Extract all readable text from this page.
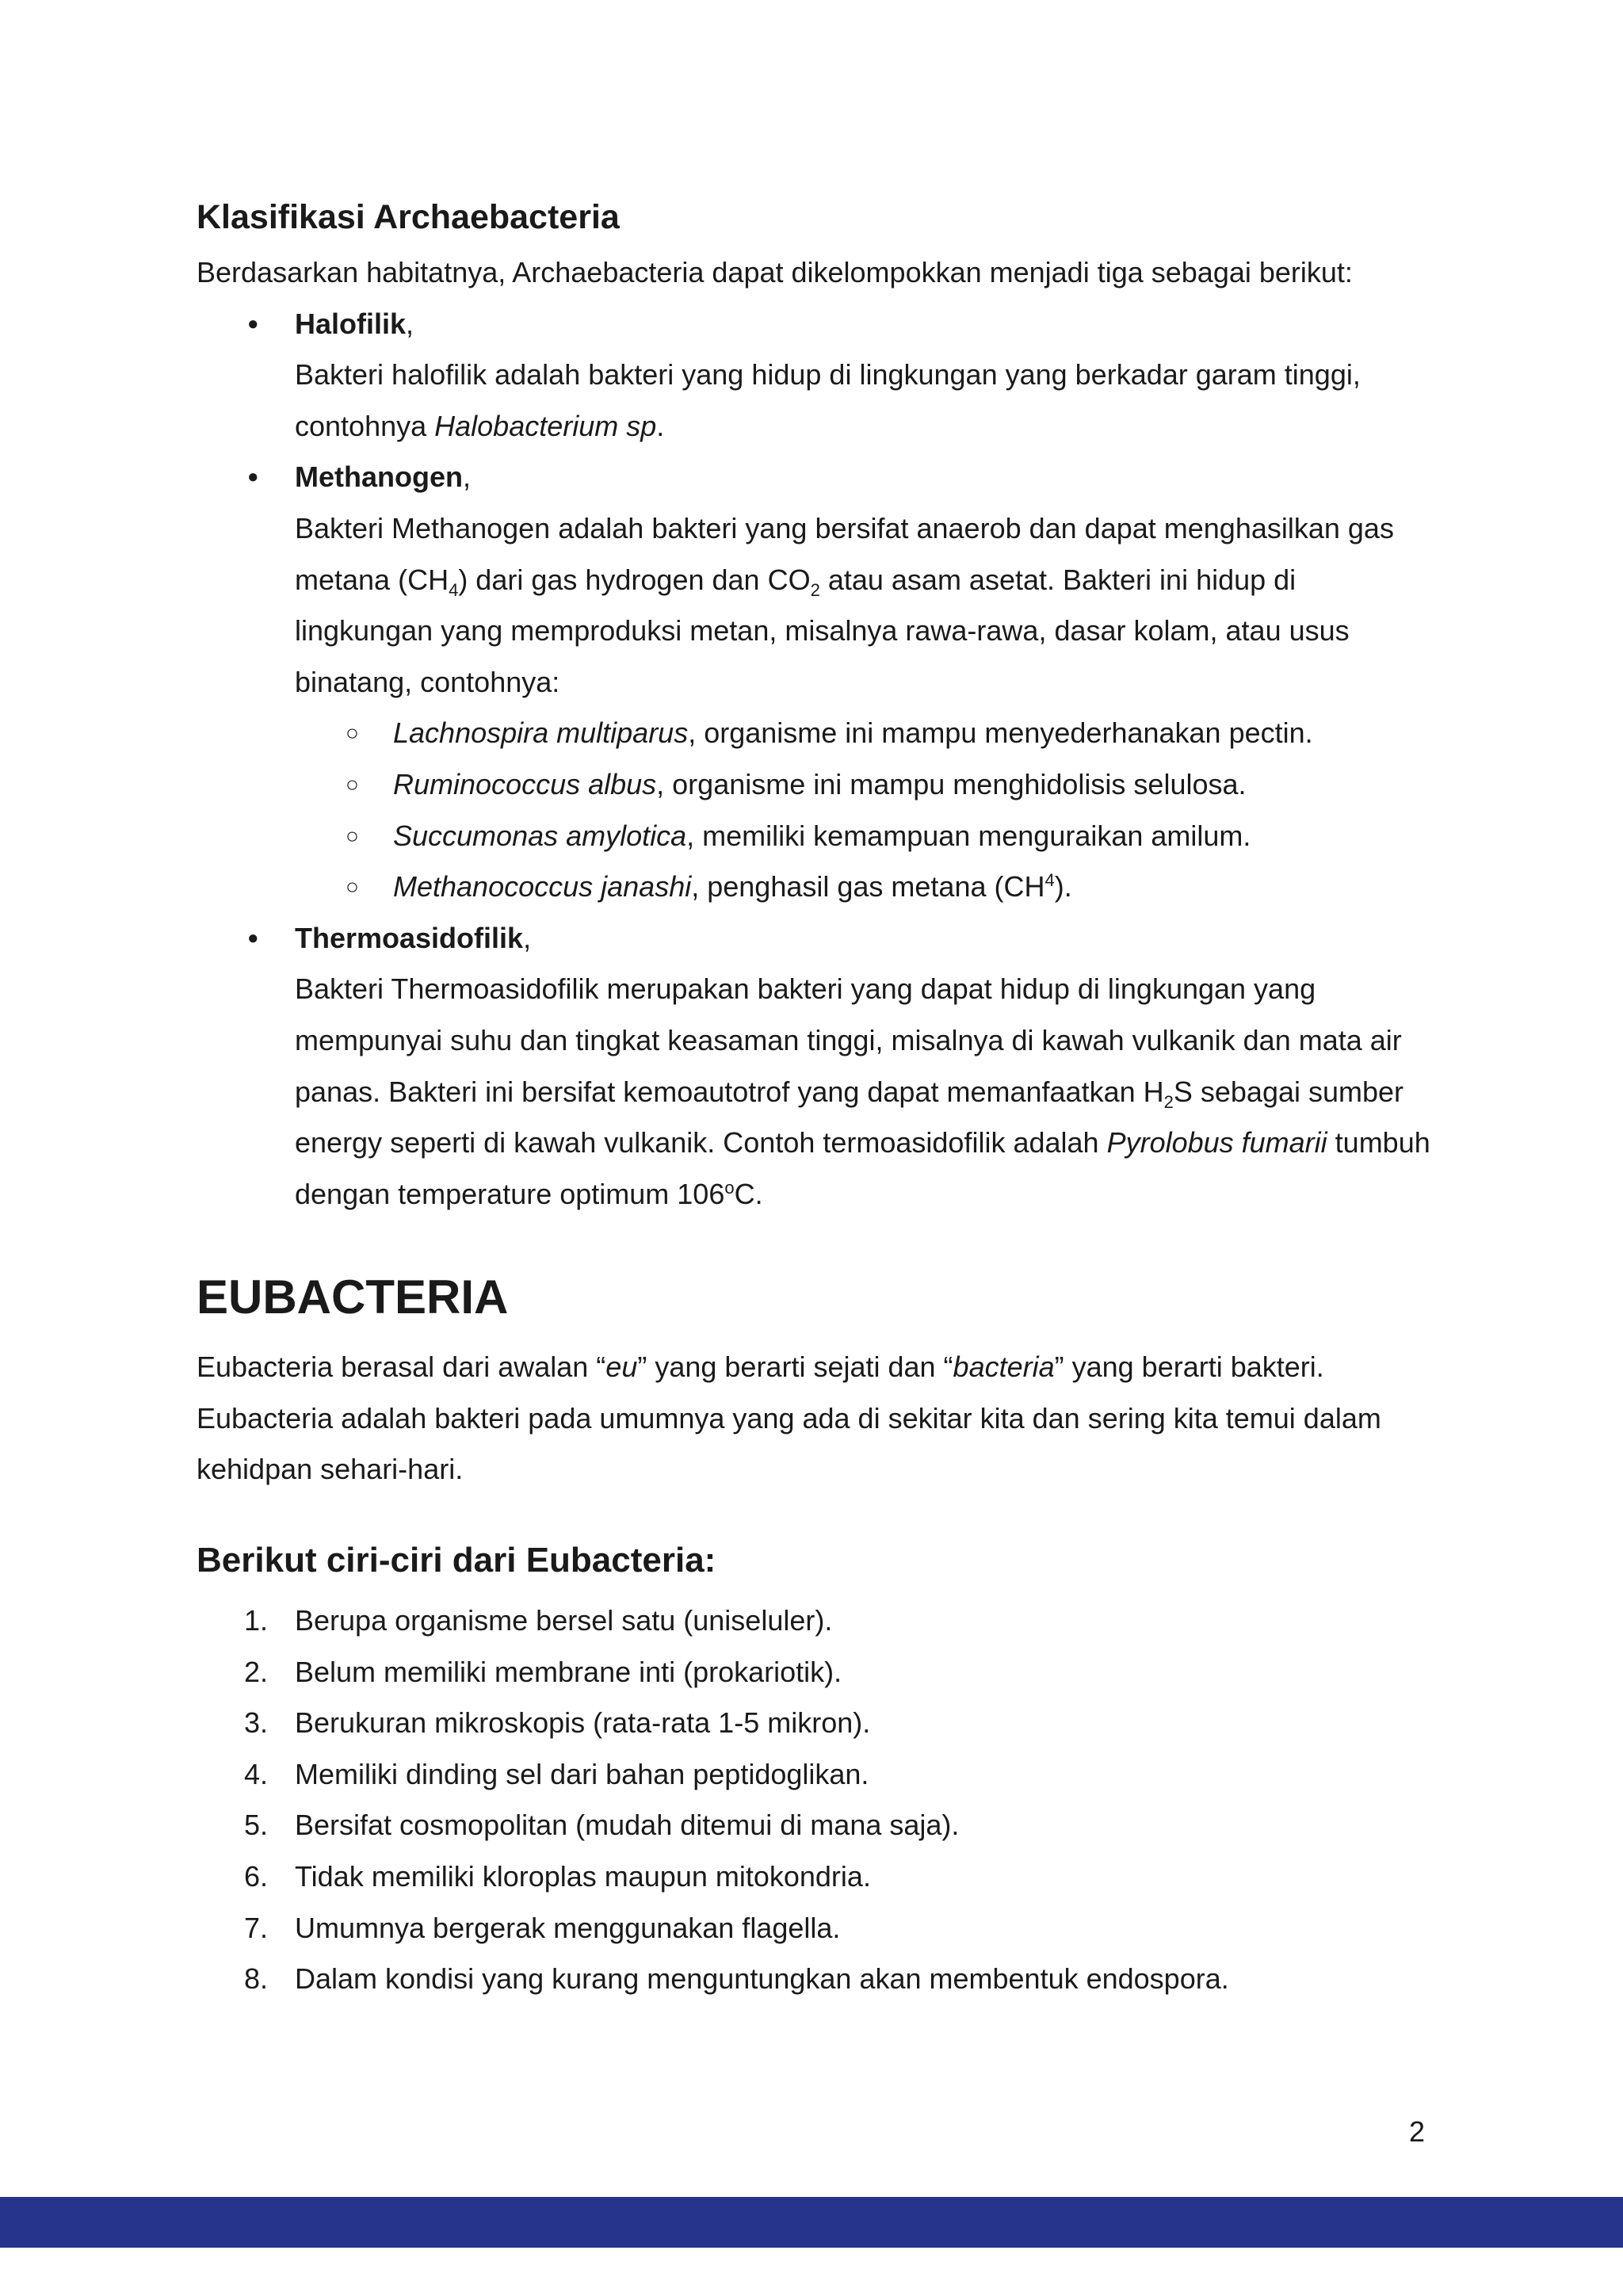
Klasifikasi Archaebacteria

Berdasarkan habitatnya, Archaebacteria dapat dikelompokkan menjadi tiga sebagai berikut:

● Halofilik,
Bakteri halofilik adalah bakteri yang hidup di lingkungan yang berkadar garam tinggi, contohnya Halobacterium sp.
● Methanogen,
Bakteri Methanogen adalah bakteri yang bersifat anaerob dan dapat menghasilkan gas metana $(CH_4)$ dari gas hydrogen dan $CO_2$ atau asam asetat. Bakteri ini hidup di lingkungan yang memproduksi metan, misalnya rawa-rawa, dasar kolam, atau usus binatang, contohnya:
○ Lachnospira multiparus, organisme ini mampu menyederhanakan pectin.
○ Ruminococcus albus, organisme ini mampu menghidolisis selulosa.
○ Succumonas amylotica, memiliki kemampuan menguraikan amilum.
○ Methanococcus janashi, penghasil gas metana $(CH^4)$.
● Thermoasidofilik,
Bakteri Thermoasidofilik merupakan bakteri yang dapat hidup di lingkungan yang mempunyai suhu dan tingkat keasaman tinggi, misalnya di kawah vulkanik dan mata air panas. Bakteri ini bersifat kemoautotrof yang dapat memanfaatkan $H_2S$ sebagai sumber energy seperti di kawah vulkanik. Contoh termoasidofilik adalah Pyrolobus fumarii tumbuh dengan temperature optimum 106$^o$C.
EUBACTERIA

Eubacteria berasal dari awalan “eu” yang berarti sejati dan “bacteria” yang berarti bakteri. Eubacteria adalah bakteri pada umumnya yang ada di sekitar kita dan sering kita temui dalam kehidpan sehari-hari.

Berikut ciri-ciri dari Eubacteria:
1. Berupa organisme bersel satu (uniseluler).
2. Belum memiliki membrane inti (prokariotik).
3. Berukuran mikroskopis (rata-rata 1-5 mikron).
4. Memiliki dinding sel dari bahan peptidoglikan.
5. Bersifat cosmopolitan (mudah ditemui di mana saja).
6. Tidak memiliki kloroplas maupun mitokondria.
7. Umumnya bergerak menggunakan flagella.
8. Dalam kondisi yang kurang menguntungkan akan membentuk endospora.
2
